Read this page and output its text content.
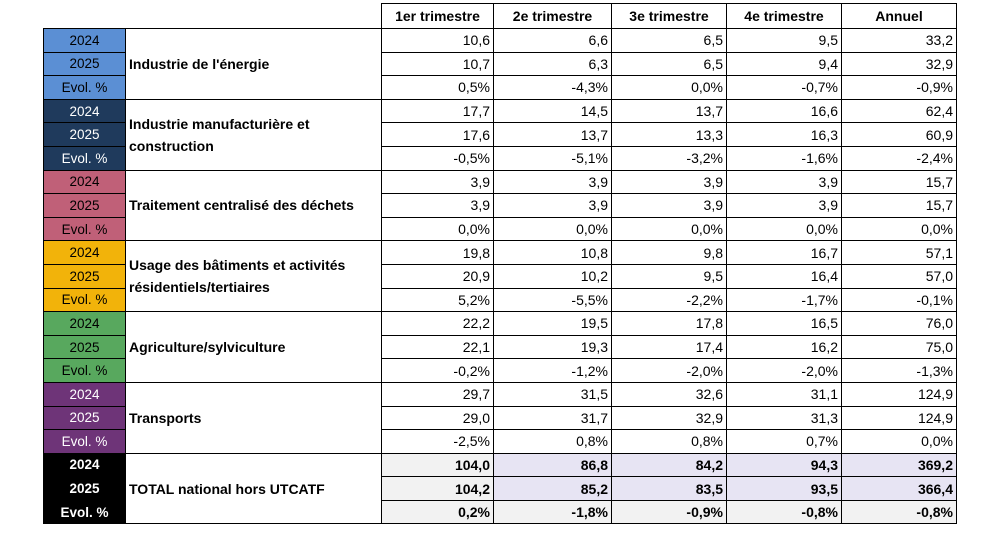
		1er trimestre	2e trimestre	3e trimestre	4e trimestre	Annuel
2024	Industrie de l'énergie	10,6	6,6	6,5	9,5	33,2
2025		10,7	6,3	6,5	9,4	32,9
Evol. %		0,5%	-4,3%	0,0%	-0,7%	-0,9%
2024	Industrie manufacturière et construction	17,7	14,5	13,7	16,6	62,4
2025		17,6	13,7	13,3	16,3	60,9
Evol. %		-0,5%	-5,1%	-3,2%	-1,6%	-2,4%
2024	Traitement centralisé des déchets	3,9	3,9	3,9	3,9	15,7
2025		3,9	3,9	3,9	3,9	15,7
Evol. %		0,0%	0,0%	0,0%	0,0%	0,0%
2024	Usage des bâtiments et activités résidentiels/tertiaires	19,8	10,8	9,8	16,7	57,1
2025		20,9	10,2	9,5	16,4	57,0
Evol. %		5,2%	-5,5%	-2,2%	-1,7%	-0,1%
2024	Agriculture/sylviculture	22,2	19,5	17,8	16,5	76,0
2025		22,1	19,3	17,4	16,2	75,0
Evol. %		-0,2%	-1,2%	-2,0%	-2,0%	-1,3%
2024	Transports	29,7	31,5	32,6	31,1	124,9
2025		29,0	31,7	32,9	31,3	124,9
Evol. %		-2,5%	0,8%	0,8%	0,7%	0,0%
2024	TOTAL national hors UTCATF	104,0	86,8	84,2	94,3	369,2
2025		104,2	85,2	83,5	93,5	366,4
Evol. %		0,2%	-1,8%	-0,9%	-0,8%	-0,8%
